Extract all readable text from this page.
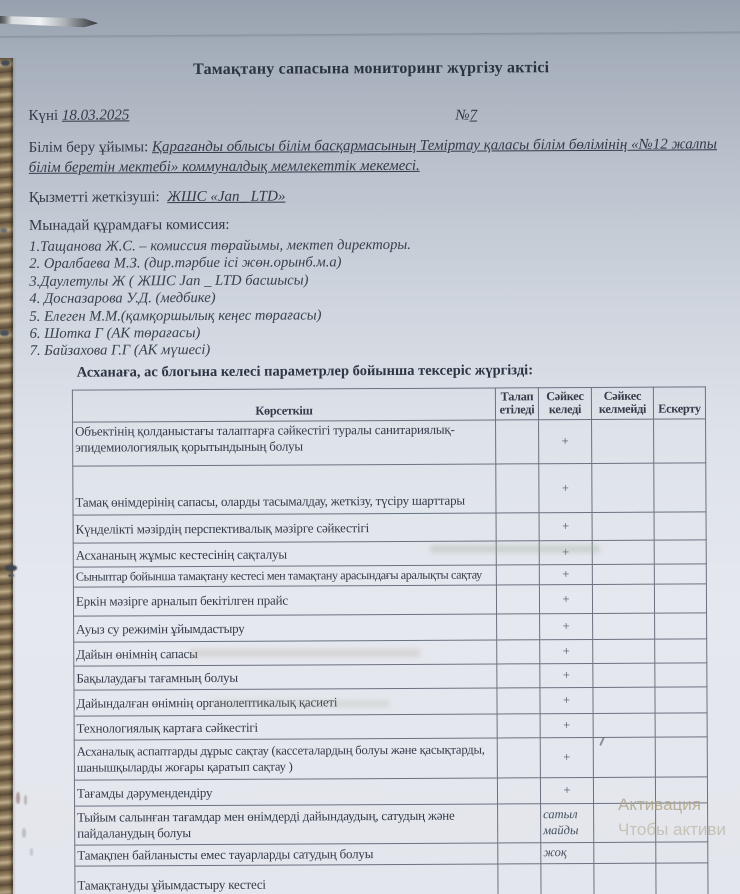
Тамақтану сапасына мониторинг жүргізу актісі
Күні 18.03.2025	№7
Білім беру ұйымы: Қарағанды облысы білім басқармасының Теміртау қаласы білім бөлімінің «№12 жалпы білім беретін мектебі» коммуналдық мемлекеттік мекемесі.
Қызметті жеткізуші: ЖШС «Jan_ LTD»
Мынадай құрамдағы комиссия:
1.Тащанова Ж.С. – комиссия төрайымы, мектеп директоры.
2. Оралбаева М.З. (дир.тәрбие ісі жөн.орынб.м.а)
3.Даулетулы Ж ( ЖШС Jan _ LTD басшысы)
4. Досназарова У.Д. (медбике)
5. Елеген М.М.(қамқоршылық кеңес төрағасы)
6. Шотка Г (АК төрағасы)
7. Байзахова Г.Г (АК мүшесі)
Асханаға, ас блогына келесі параметрлер бойынша тексеріс жүргізді:
Көрсеткіш	Талап етіледі	Сәйкес келеді	Сәйкес келмейді	Ескерту
Объектінің қолданыстағы талаптарға сәйкестігі туралы санитариялық-эпидемиологиялық қорытындының болуы		+		
Тамақ өнімдерінің сапасы, оларды тасымалдау, жеткізу, түсіру шарттары		+		
Күнделікті мәзірдің перспективалық мәзірге сәйкестігі		+		
Асхананың жұмыс кестесінің сақталуы		+		
Сыныптар бойынша тамақтану кестесі мен тамақтану арасындағы аралықты сақтау		+		
Еркін мәзірге арналып бекітілген прайс		+		
Ауыз су режимін ұйымдастыру		+		
Дайын өнімнің сапасы		+		
Бақылаудағы тағамның болуы		+		
Дайындалған өнімнің органолептикалық қасиеті		+		
Технологиялық картаға сәйкестігі		+		
Асханалық аспаптарды дұрыс сақтау (кассеталардың болуы және қасықтарды, шанышқыларды жоғары қаратып сақтау )		+		
Тағамды дәрумендендіру		+		
Тыйым салынған тағамдар мен өнімдерді дайындаудың, сатудың және пайдаланудың болуы		сатыл майды		
Тамақпен байланысты емес тауарларды сатудың болуы		жоқ		
Тамақтануды ұйымдастыру кестесі				
Активация
Чтобы активи
